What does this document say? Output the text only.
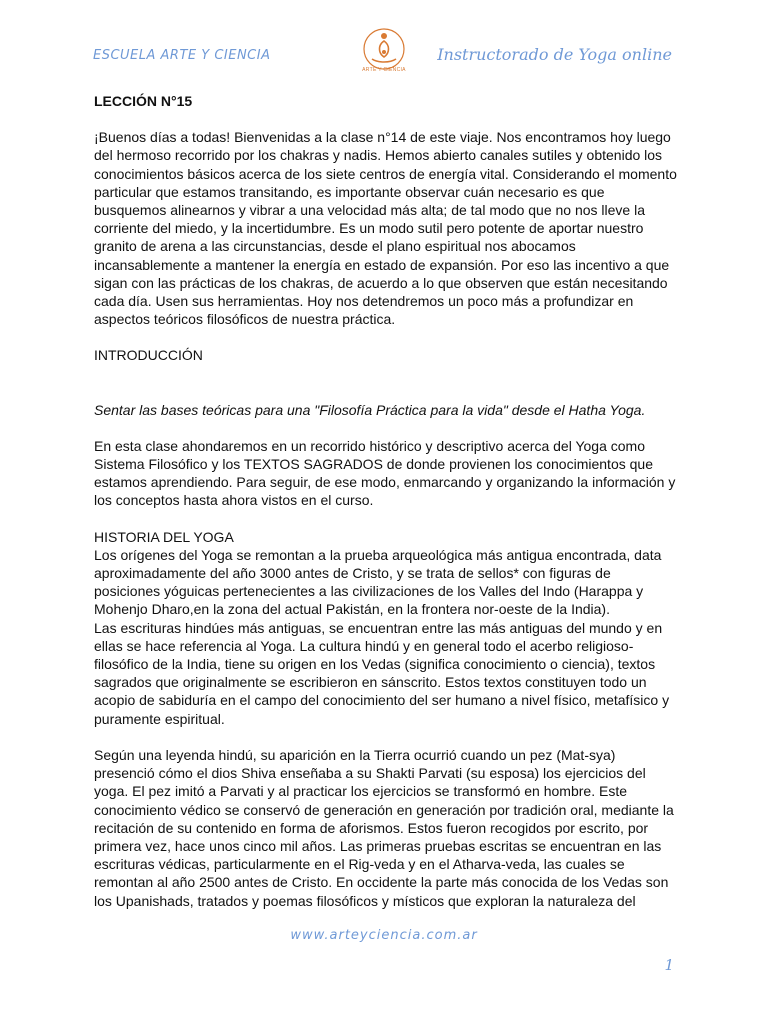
ESCUELA ARTE Y CIENCIA
ARTE Y CIENCIA
Instructorado de Yoga online

LECCIÓN N°15

¡Buenos días a todas! Bienvenidas a la clase n°14 de este viaje. Nos encontramos hoy luego del hermoso recorrido por los chakras y nadis. Hemos abierto canales sutiles y obtenido los conocimientos básicos acerca de los siete centros de energía vital. Considerando el momento particular que estamos transitando, es importante observar cuán necesario es que busquemos alinearnos y vibrar a una velocidad más alta; de tal modo que no nos lleve la corriente del miedo, y la incertidumbre. Es un modo sutil pero potente de aportar nuestro granito de arena a las circunstancias, desde el plano espiritual nos abocamos incansablemente a mantener la energía en estado de expansión. Por eso las incentivo a que sigan con las prácticas de los chakras, de acuerdo a lo que observen que están necesitando cada día. Usen sus herramientas. Hoy nos detendremos un poco más a profundizar en aspectos teóricos filosóficos de nuestra práctica.

INTRODUCCIÓN

Sentar las bases teóricas para una "Filosofía Práctica para la vida" desde el Hatha Yoga.

En esta clase ahondaremos en un recorrido histórico y descriptivo acerca del Yoga como Sistema Filosófico y los TEXTOS SAGRADOS de donde provienen los conocimientos que estamos aprendiendo. Para seguir, de ese modo, enmarcando y organizando la información y los conceptos hasta ahora vistos en el curso.

HISTORIA DEL YOGA

Los orígenes del Yoga se remontan a la prueba arqueológica más antigua encontrada, data aproximadamente del año 3000 antes de Cristo, y se trata de sellos* con figuras de posiciones yóguicas pertenecientes a las civilizaciones de los Valles del Indo (Harappa y Mohenjo Dharo,en la zona del actual Pakistán, en la frontera nor-oeste de la India).

Las escrituras hindúes más antiguas, se encuentran entre las más antiguas del mundo y en ellas se hace referencia al Yoga. La cultura hindú y en general todo el acerbo religioso-filosófico de la India, tiene su origen en los Vedas (significa conocimiento o ciencia), textos sagrados que originalmente se escribieron en sánscrito. Estos textos constituyen todo un acopio de sabiduría en el campo del conocimiento del ser humano a nivel físico, metafísico y puramente espiritual.

Según una leyenda hindú, su aparición en la Tierra ocurrió cuando un pez (Mat-sya) presenció cómo el dios Shiva enseñaba a su Shakti Parvati (su esposa) los ejercicios del yoga. El pez imitó a Parvati y al practicar los ejercicios se transformó en hombre. Este conocimiento védico se conservó de generación en generación por tradición oral, mediante la recitación de su contenido en forma de aforismos. Estos fueron recogidos por escrito, por primera vez, hace unos cinco mil años. Las primeras pruebas escritas se encuentran en las escrituras védicas, particularmente en el Rig-veda y en el Atharva-veda, las cuales se remontan al año 2500 antes de Cristo. En occidente la parte más conocida de los Vedas son

los Upanishads, tratados y poemas filosóficos y místicos que exploran la naturaleza del

www.arteyciencia.com.ar
1
